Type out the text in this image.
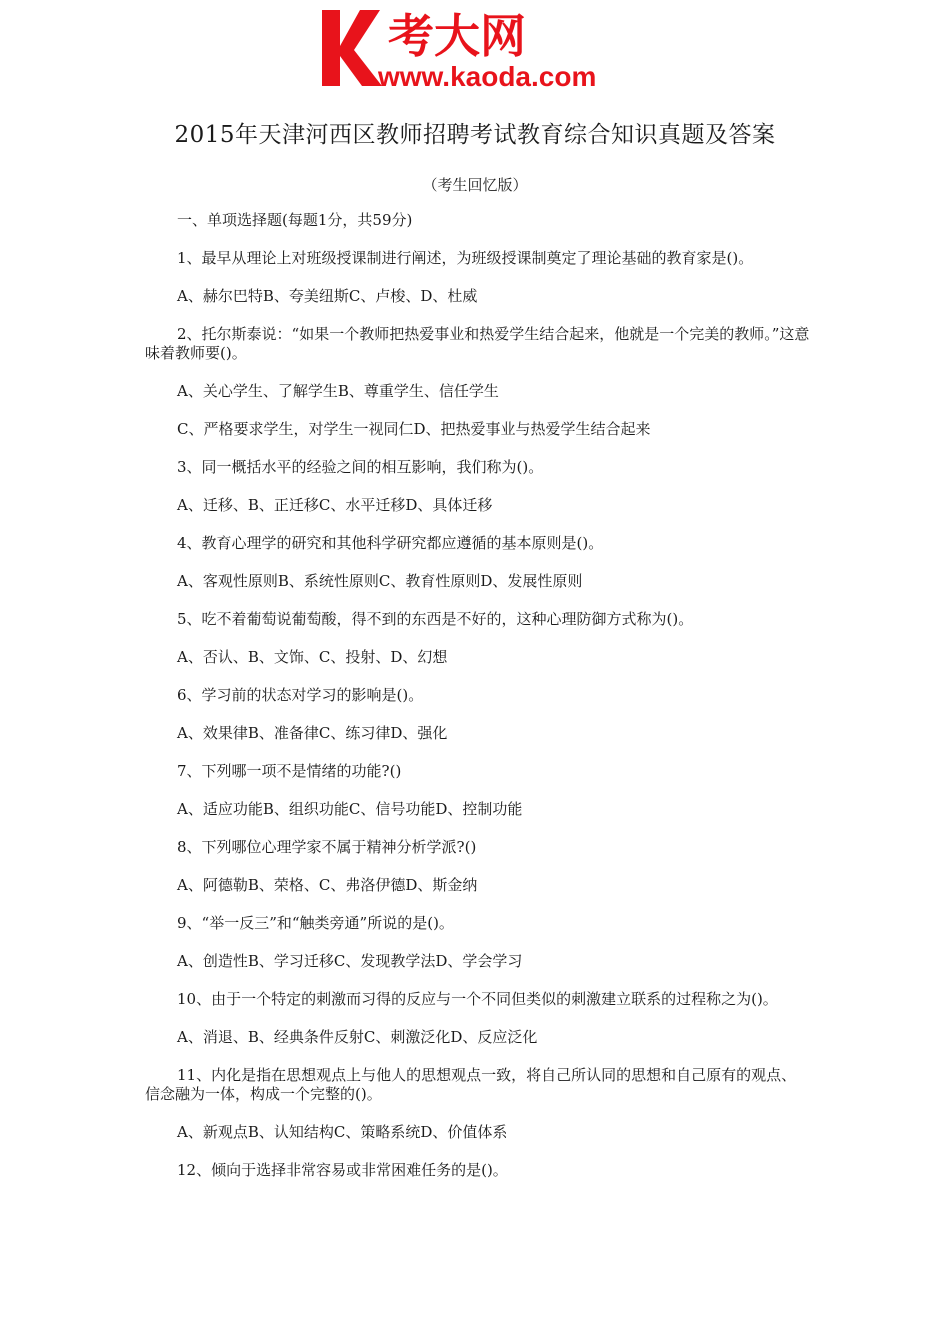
考大网
www.kaoda.com
2015年天津河西区教师招聘考试教育综合知识真题及答案
（考生回忆版）

一、单项选择题(每题1分，共59分)

1、最早从理论上对班级授课制进行阐述，为班级授课制奠定了理论基础的教育家是()。

A、赫尔巴特B、夸美纽斯C、卢梭、D、杜威

2、托尔斯泰说：“如果一个教师把热爱事业和热爱学生结合起来，他就是一个完美的教师。”这意味着教师要()。

A、关心学生、了解学生B、尊重学生、信任学生

C、严格要求学生，对学生一视同仁D、把热爱事业与热爱学生结合起来

3、同一概括水平的经验之间的相互影响，我们称为()。

A、迁移、B、正迁移C、水平迁移D、具体迁移

4、教育心理学的研究和其他科学研究都应遵循的基本原则是()。

A、客观性原则B、系统性原则C、教育性原则D、发展性原则

5、吃不着葡萄说葡萄酸，得不到的东西是不好的，这种心理防御方式称为()。

A、否认、B、文饰、C、投射、D、幻想

6、学习前的状态对学习的影响是()。

A、效果律B、准备律C、练习律D、强化

7、下列哪一项不是情绪的功能?()

A、适应功能B、组织功能C、信号功能D、控制功能

8、下列哪位心理学家不属于精神分析学派?()

A、阿德勒B、荣格、C、弗洛伊德D、斯金纳

9、“举一反三”和“触类旁通”所说的是()。

A、创造性B、学习迁移C、发现教学法D、学会学习

10、由于一个特定的刺激而习得的反应与一个不同但类似的刺激建立联系的过程称之为()。

A、消退、B、经典条件反射C、刺激泛化D、反应泛化

11、内化是指在思想观点上与他人的思想观点一致，将自己所认同的思想和自己原有的观点、信念融为一体，构成一个完整的()。

A、新观点B、认知结构C、策略系统D、价值体系

12、倾向于选择非常容易或非常困难任务的是()。
